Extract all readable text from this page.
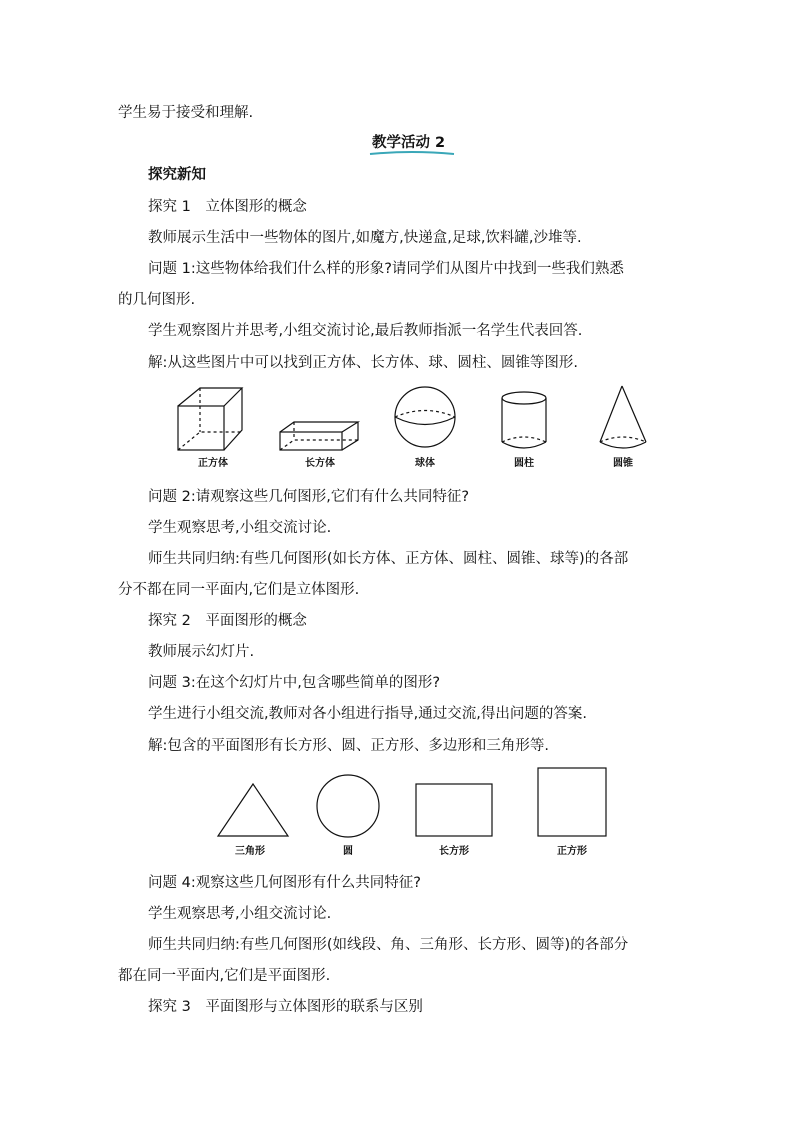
学生易于接受和理解.
教学活动 2
探究新知
探究 1　立体图形的概念
教师展示生活中一些物体的图片,如魔方,快递盒,足球,饮料罐,沙堆等.
问题 1:这些物体给我们什么样的形象?请同学们从图片中找到一些我们熟悉
的几何图形.
学生观察图片并思考,小组交流讨论,最后教师指派一名学生代表回答.
解:从这些图片中可以找到正方体、长方体、球、圆柱、圆锥等图形.
正方体	长方体	球体	圆柱	圆锥
问题 2:请观察这些几何图形,它们有什么共同特征?
学生观察思考,小组交流讨论.
师生共同归纳:有些几何图形(如长方体、正方体、圆柱、圆锥、球等)的各部
分不都在同一平面内,它们是立体图形.
探究 2　平面图形的概念
教师展示幻灯片.
问题 3:在这个幻灯片中,包含哪些简单的图形?
学生进行小组交流,教师对各小组进行指导,通过交流,得出问题的答案.
解:包含的平面图形有长方形、圆、正方形、多边形和三角形等.
三角形	圆	长方形	正方形
问题 4:观察这些几何图形有什么共同特征?
学生观察思考,小组交流讨论.
师生共同归纳:有些几何图形(如线段、角、三角形、长方形、圆等)的各部分
都在同一平面内,它们是平面图形.
探究 3　平面图形与立体图形的联系与区别
